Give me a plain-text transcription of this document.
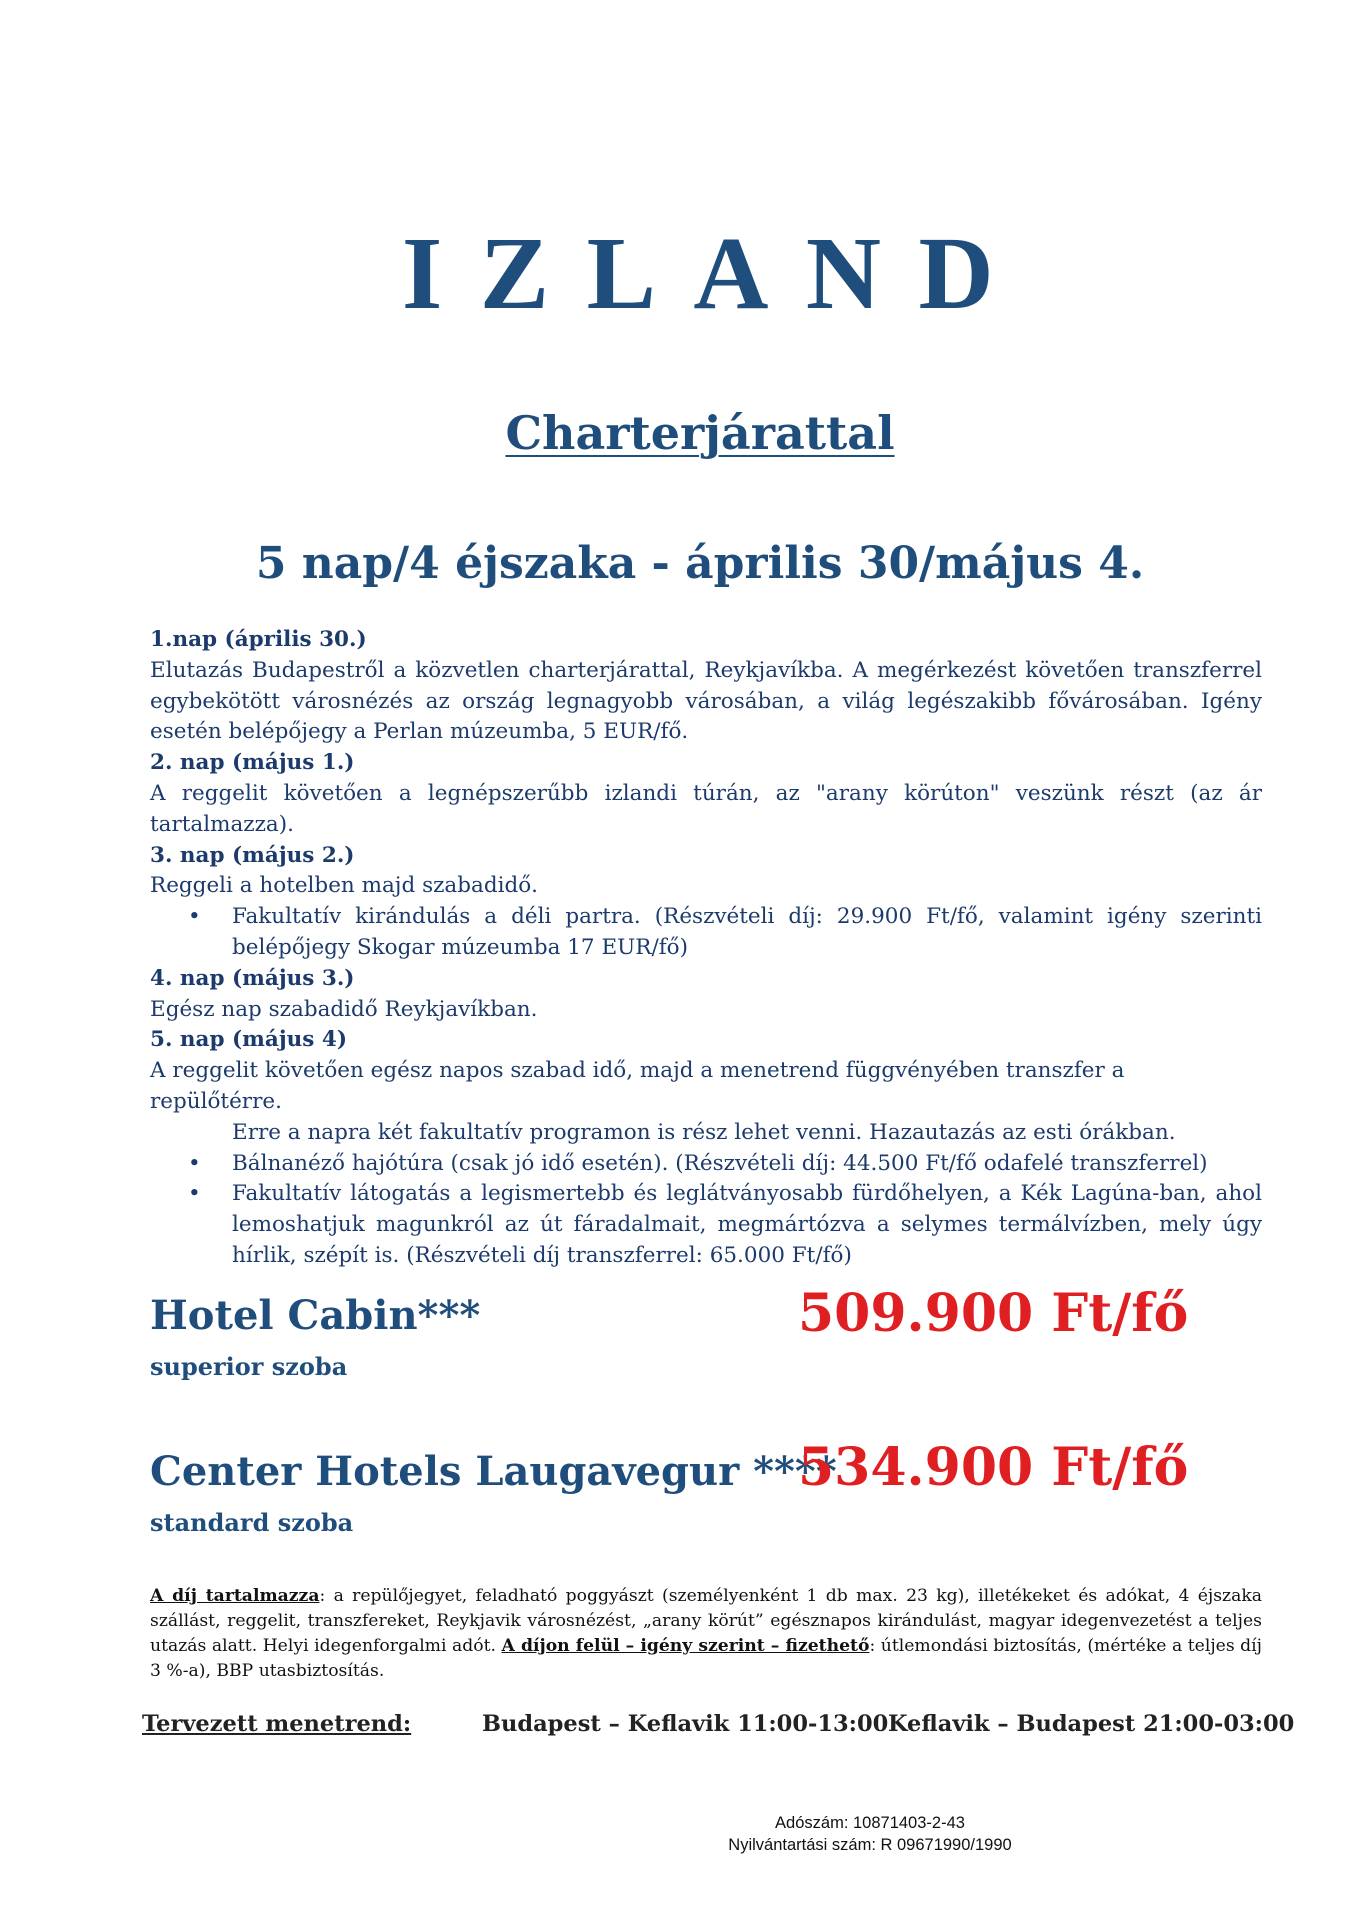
IZLAND
Charterjárattal
5 nap/4 éjszaka - április 30/május 4.
1.nap (április 30.)
Elutazás Budapestről a közvetlen charterjárattal, Reykjavíkba. A megérkezést követően transzferrel egybekötött városnézés az ország legnagyobb városában, a világ legészakibb fővárosában. Igény esetén belépőjegy a Perlan múzeumba, 5 EUR/fő.
2. nap (május 1.)
A reggelit követően a legnépszerűbb izlandi túrán, az "arany körúton" veszünk részt (az ár tartalmazza).
3. nap (május 2.)
Reggeli a hotelben majd szabadidő.
• Fakultatív kirándulás a déli partra. (Részvételi díj: 29.900 Ft/fő, valamint igény szerinti belépőjegy Skogar múzeumba 17 EUR/fő)
4. nap (május 3.)
Egész nap szabadidő Reykjavíkban.
5. nap (május 4)
A reggelit követően egész napos szabad idő, majd a menetrend függvényében transzfer a repülőtérre.
Erre a napra két fakultatív programon is rész lehet venni. Hazautazás az esti órákban.
• Bálnanéző hajótúra (csak jó idő esetén). (Részvételi díj: 44.500 Ft/fő odafelé transzferrel)
• Fakultatív látogatás a legismertebb és leglátványosabb fürdőhelyen, a Kék Lagúna-ban, ahol lemoshatjuk magunkról az út fáradalmait, megmártózva a selymes termálvízben, mely úgy hírlik, szépít is. (Részvételi díj transzferrel: 65.000 Ft/fő)
Hotel Cabin***
superior szoba
509.900 Ft/fő
Center Hotels Laugavegur ****
standard szoba
534.900 Ft/fő
A díj tartalmazza: a repülőjegyet, feladható poggyászt (személyenként 1 db max. 23 kg), illetékeket és adókat, 4 éjszaka szállást, reggelit, transzfereket, Reykjavik városnézést, „arany körút” egésznapos kirándulást, magyar idegenvezetést a teljes utazás alatt. Helyi idegenforgalmi adót. A díjon felül – igény szerint – fizethető: útlemondási biztosítás, (mértéke a teljes díj 3 %-a), BBP utasbiztosítás.
Tervezett menetrend:	Budapest – Keflavik 11:00-13:00 Keflavik – Budapest 21:00-03:00
Adószám: 10871403-2-43
Nyilvántartási szám: R 09671990/1990
